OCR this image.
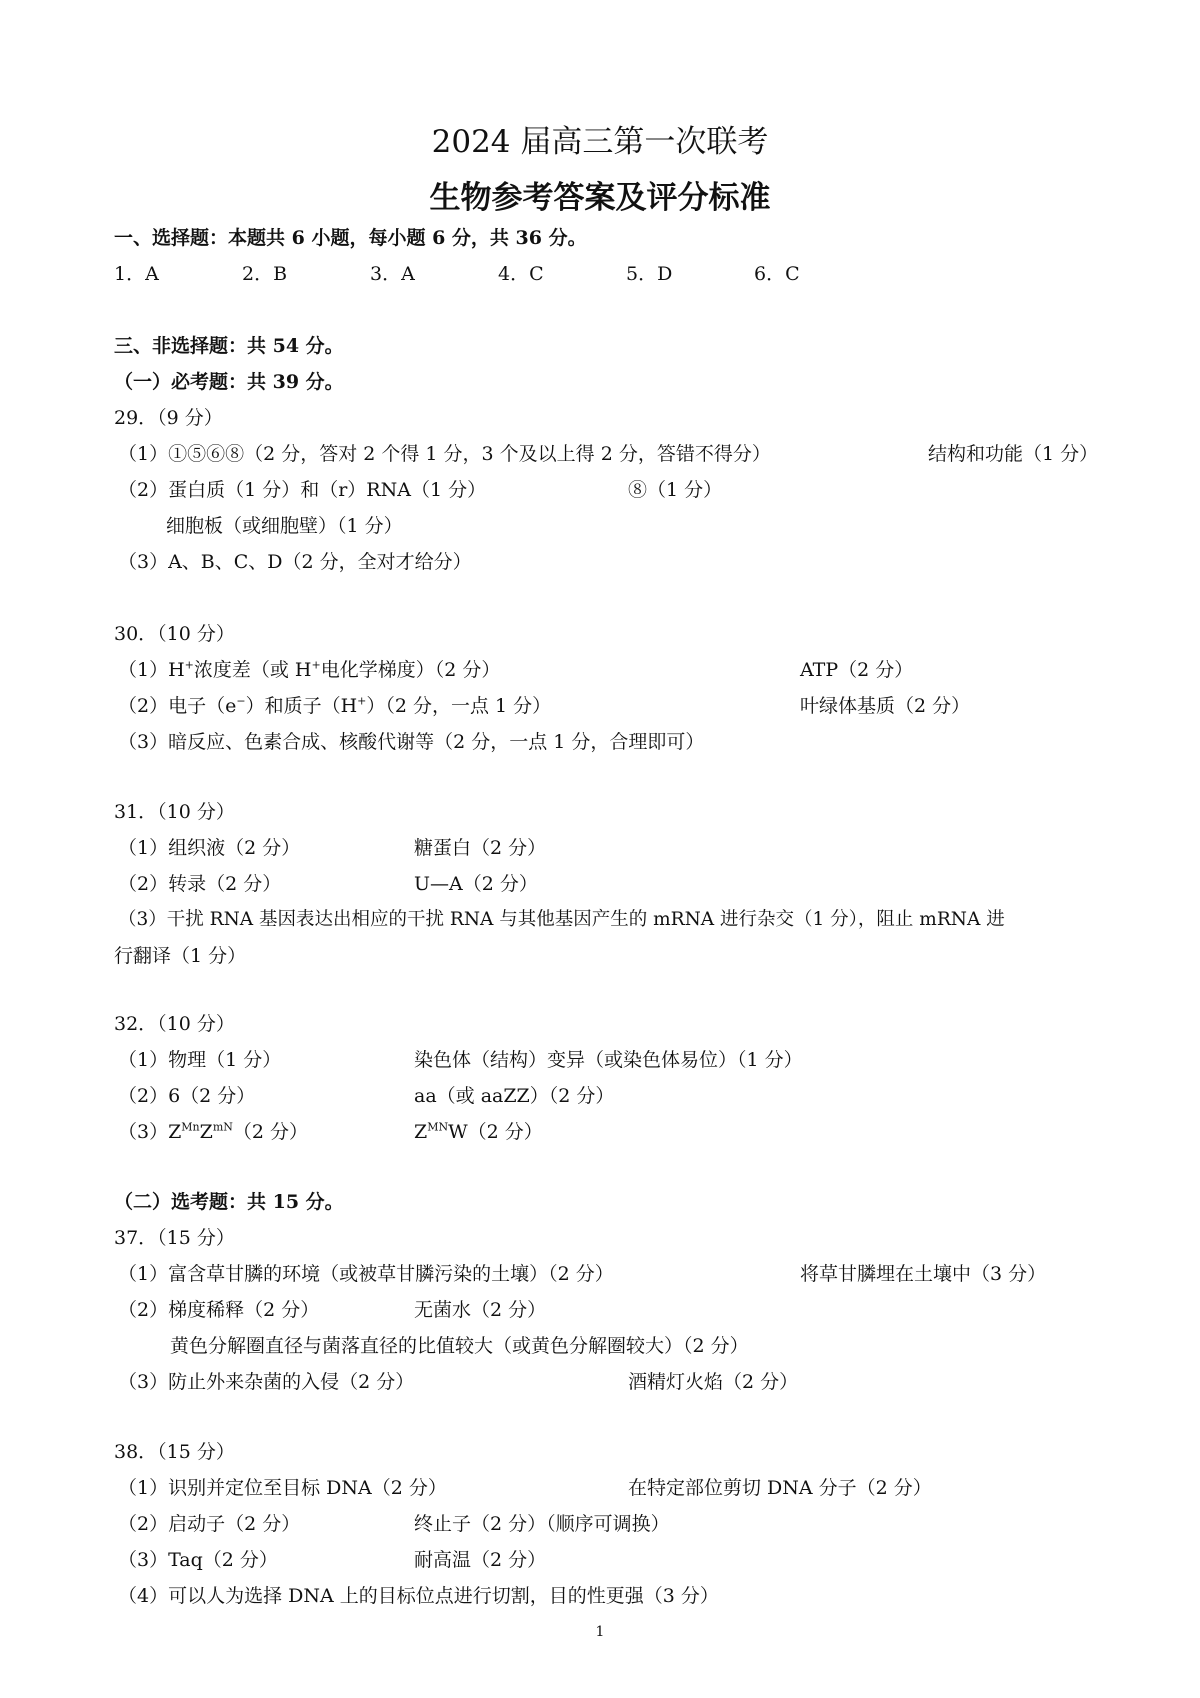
2024 届高三第一次联考
生物参考答案及评分标准
一、选择题：本题共 6 小题，每小题 6 分，共 36 分。
1．A	2．B	3．A	4．C	5．D	6．C
三、非选择题：共 54 分。
（一）必考题：共 39 分。
29．（9 分）
（1）①⑤⑥⑧（2 分，答对 2 个得 1 分，3 个及以上得 2 分，答错不得分）	结构和功能（1 分）
（2）蛋白质（1 分）和（r）RNA（1 分）	⑧（1 分）
细胞板（或细胞壁）（1 分）
（3）A、B、C、D（2 分，全对才给分）
30．（10 分）
（1）H+浓度差（或 H+电化学梯度）（2 分）	ATP（2 分）
（2）电子（e−）和质子（H+）（2 分，一点 1 分）	叶绿体基质（2 分）
（3）暗反应、色素合成、核酸代谢等（2 分，一点 1 分，合理即可）
31．（10 分）
（1）组织液（2 分）	糖蛋白（2 分）
（2）转录（2 分）	U—A（2 分）
（3）干扰 RNA 基因表达出相应的干扰 RNA 与其他基因产生的 mRNA 进行杂交（1 分），阻止 mRNA 进
行翻译（1 分）
32．（10 分）
（1）物理（1 分）	染色体（结构）变异（或染色体易位）（1 分）
（2）6（2 分）	aa（或 aaZZ）（2 分）
$(3)Z^{Mn}Z^{mN}(2$ 分）	$Z^{MN}W(2$ 分）
（二）选考题：共 15 分。
37．（15 分）
（1）富含草甘膦的环境（或被草甘膦污染的土壤）（2 分）	将草甘膦埋在土壤中（3 分）
（2）梯度稀释（2 分）	无菌水（2 分）
黄色分解圈直径与菌落直径的比值较大（或黄色分解圈较大）（2 分）
（3）防止外来杂菌的入侵（2 分）	酒精灯火焰（2 分）
38．（15 分）
（1）识别并定位至目标 DNA（2 分）	在特定部位剪切 DNA 分子（2 分）
（2）启动子（2 分）	终止子（2 分）（顺序可调换）
（3）Taq（2 分）	耐高温（2 分）
（4）可以人为选择 DNA 上的目标位点进行切割，目的性更强（3 分）
1
